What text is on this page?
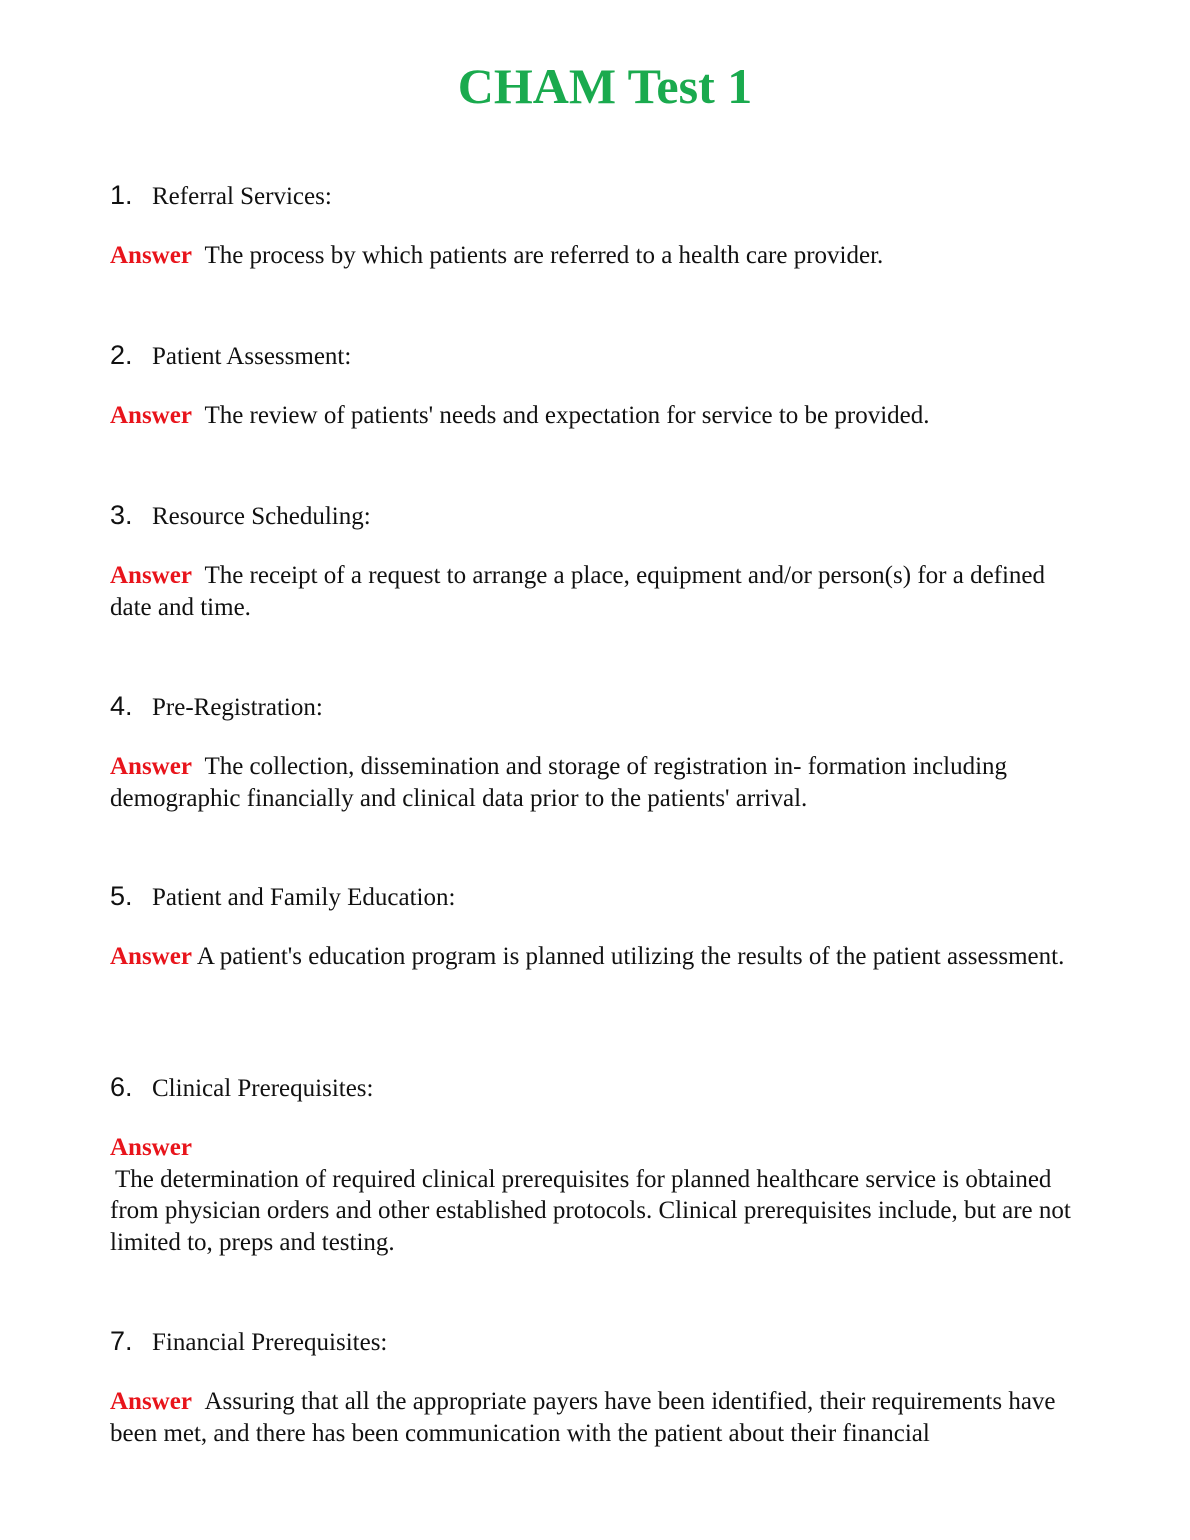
CHAM Test 1
1. Referral Services:
Answer The process by which patients are referred to a health care provider.
2. Patient Assessment:
Answer The review of patients' needs and expectation for service to be provided.
3. Resource Scheduling:
Answer The receipt of a request to arrange a place, equipment and/or person(s) for a defined date and time.
4. Pre-Registration:
Answer The collection, dissemination and storage of registration in- formation including demographic financially and clinical data prior to the patients' arrival.
5. Patient and Family Education:
Answer A patient's education program is planned utilizing the results of the patient assessment.
6. Clinical Prerequisites:
Answer
The determination of required clinical prerequisites for planned healthcare service is obtained from physician orders and other established protocols. Clinical prerequisites include, but are not limited to, preps and testing.
7. Financial Prerequisites:
Answer Assuring that all the appropriate payers have been identified, their requirements have been met, and there has been communication with the patient about their financial
